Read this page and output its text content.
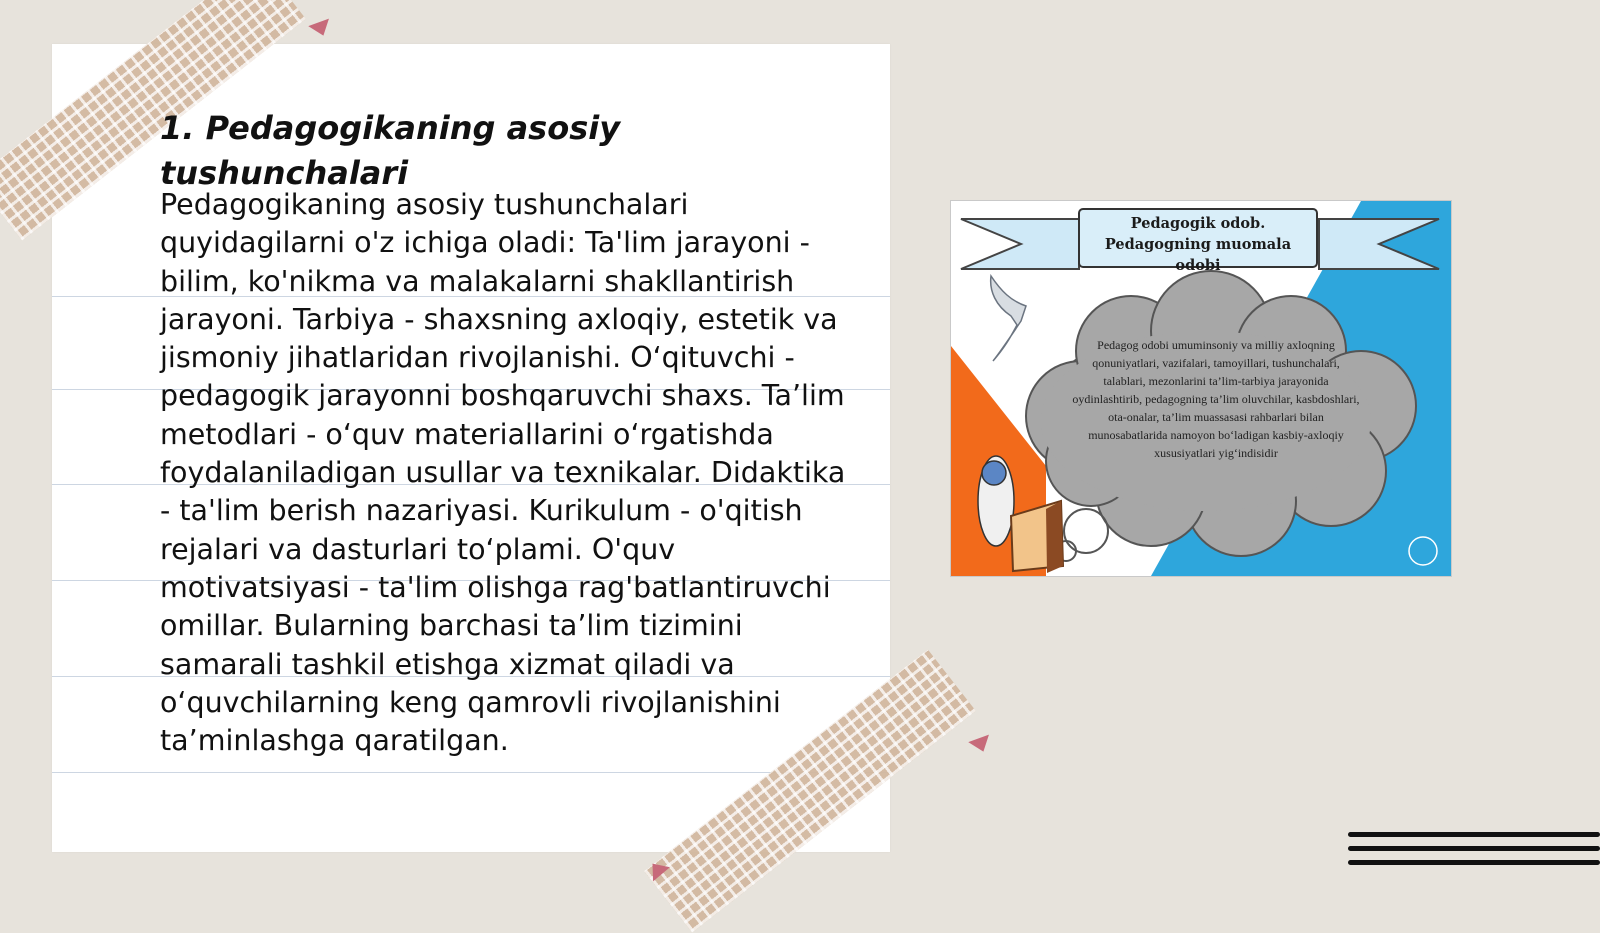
1. Pedagogikaning asosiy tushunchalari

Pedagogikaning asosiy tushunchalari quyidagilarni o'z ichiga oladi: Ta'lim jarayoni - bilim, ko'nikma va malakalarni shakllantirish jarayoni. Tarbiya - shaxsning axloqiy, estetik va jismoniy jihatlaridan rivojlanishi. O‘qituvchi - pedagogik jarayonni boshqaruvchi shaxs. Ta’lim metodlari - o‘quv materiallarini o‘rgatishda foydalaniladigan usullar va texnikalar. Didaktika - ta'lim berish nazariyasi. Kurikulum - o'qitish rejalari va dasturlari to‘plami. O'quv motivatsiyasi - ta'lim olishga rag'batlantiruvchi omillar. Bularning barchasi ta’lim tizimini samarali tashkil etishga xizmat qiladi va o‘quvchilarning keng qamrovli rivojlanishini ta’minlashga qaratilgan.

Pedagogik odob.
Pedagogning muomala odobi
Pedagog odobi umuminsoniy va milliy axloqning qonuniyatlari, vazifalari, tamoyillari, tushunchalari, talablari, mezonlarini ta’lim-tarbiya jarayonida oydinlashtirib, pedagogning ta’lim oluvchilar, kasbdoshlari, ota-onalar, ta’lim muassasasi rahbarlari bilan munosabatlarida namoyon bo‘ladigan kasbiy-axloqiy xususiyatlari yig‘indisidir
